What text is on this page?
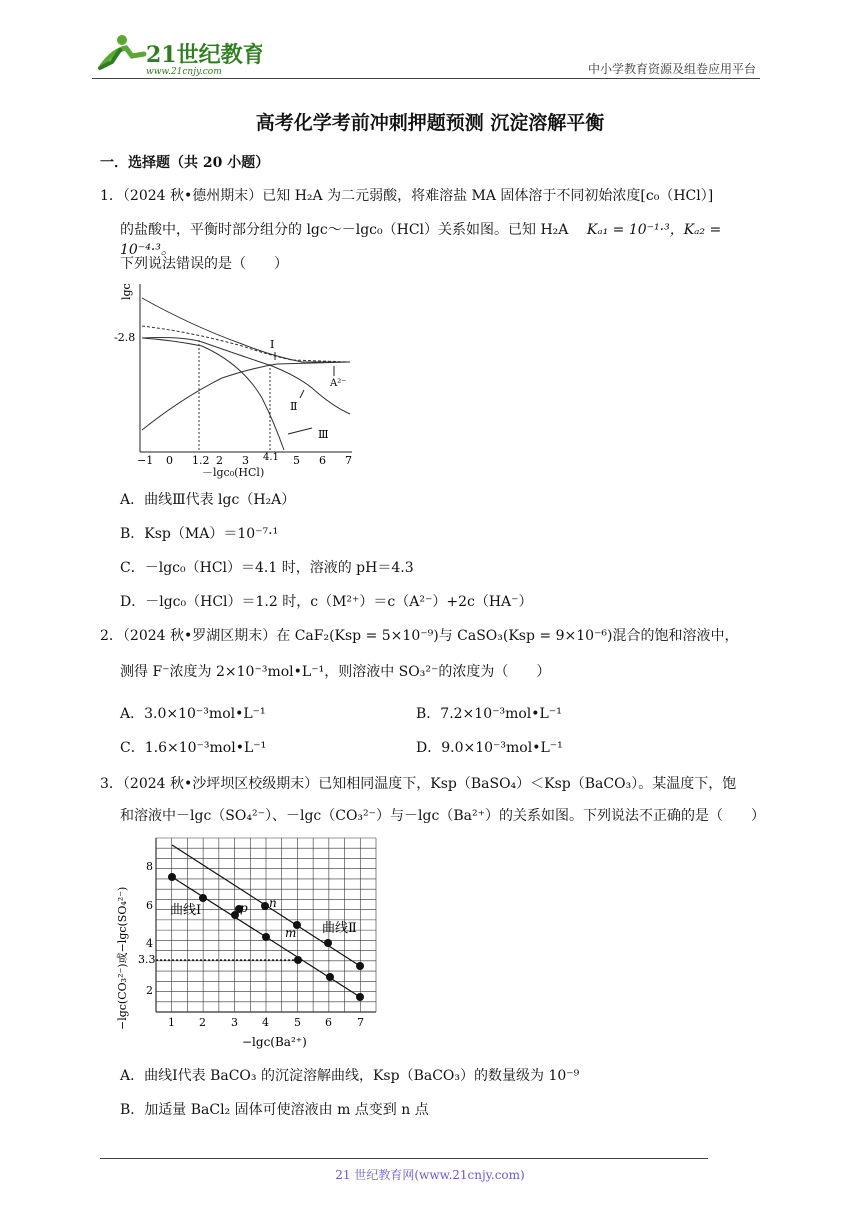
21世纪教育
www.21cnjy.com	中小学教育资源及组卷应用平台
高考化学考前冲刺押题预测 沉淀溶解平衡
一．选择题（共 20 小题）
1．（2024 秋•德州期末）已知 H₂A 为二元弱酸，将难溶盐 MA 固体溶于不同初始浓度[c₀（HCl）]
的盐酸中，平衡时部分组分的 lgc～－lgc₀（HCl）关系如图。已知 H₂A Kₐ₁ = 10⁻¹·³，Kₐ₂ = 10⁻⁴·³。
下列说法错误的是（　　）
lgc
-2.8
Ⅰ
Ⅱ
Ⅲ
A²⁻
−1 0 1.2 2 3 4.1 5 6 7
－lgc₀(HCl)
A．曲线Ⅲ代表 lgc（H₂A）
B．Ksp（MA）＝10⁻⁷·¹
C．－lgc₀（HCl）＝4.1 时，溶液的 pH＝4.3
D．－lgc₀（HCl）＝1.2 时，c（M²⁺）＝c（A²⁻）+2c（HA⁻）
2．（2024 秋•罗湖区期末）在 CaF₂(Ksp = 5×10⁻⁹)与 CaSO₃(Ksp = 9×10⁻⁶)混合的饱和溶液中，
测得 F⁻浓度为 2×10⁻³mol•L⁻¹，则溶液中 SO₃²⁻的浓度为（　　）
A．3.0×10⁻³mol•L⁻¹	B．7.2×10⁻³mol•L⁻¹
C．1.6×10⁻³mol•L⁻¹	D．9.0×10⁻³mol•L⁻¹
3．（2024 秋•沙坪坝区校级期末）已知相同温度下，Ksp（BaSO₄）＜Ksp（BaCO₃）。某温度下，饱
和溶液中－lgc（SO₄²⁻）、－lgc（CO₃²⁻）与－lgc（Ba²⁺）的关系如图。下列说法不正确的是（　　）
−lgc(CO₃²⁻)或−lgc(SO₄²⁻)	曲线Ⅰ
曲线Ⅱ
n
p
m
2
3.3
4
6
8
1 2 3 4 5 6 7
−lgc(Ba²⁺)
A．曲线Ⅰ代表 BaCO₃ 的沉淀溶解曲线，Ksp（BaCO₃）的数量级为 10⁻⁹
B．加适量 BaCl₂ 固体可使溶液由 m 点变到 n 点
21 世纪教育网(www.21cnjy.com)
